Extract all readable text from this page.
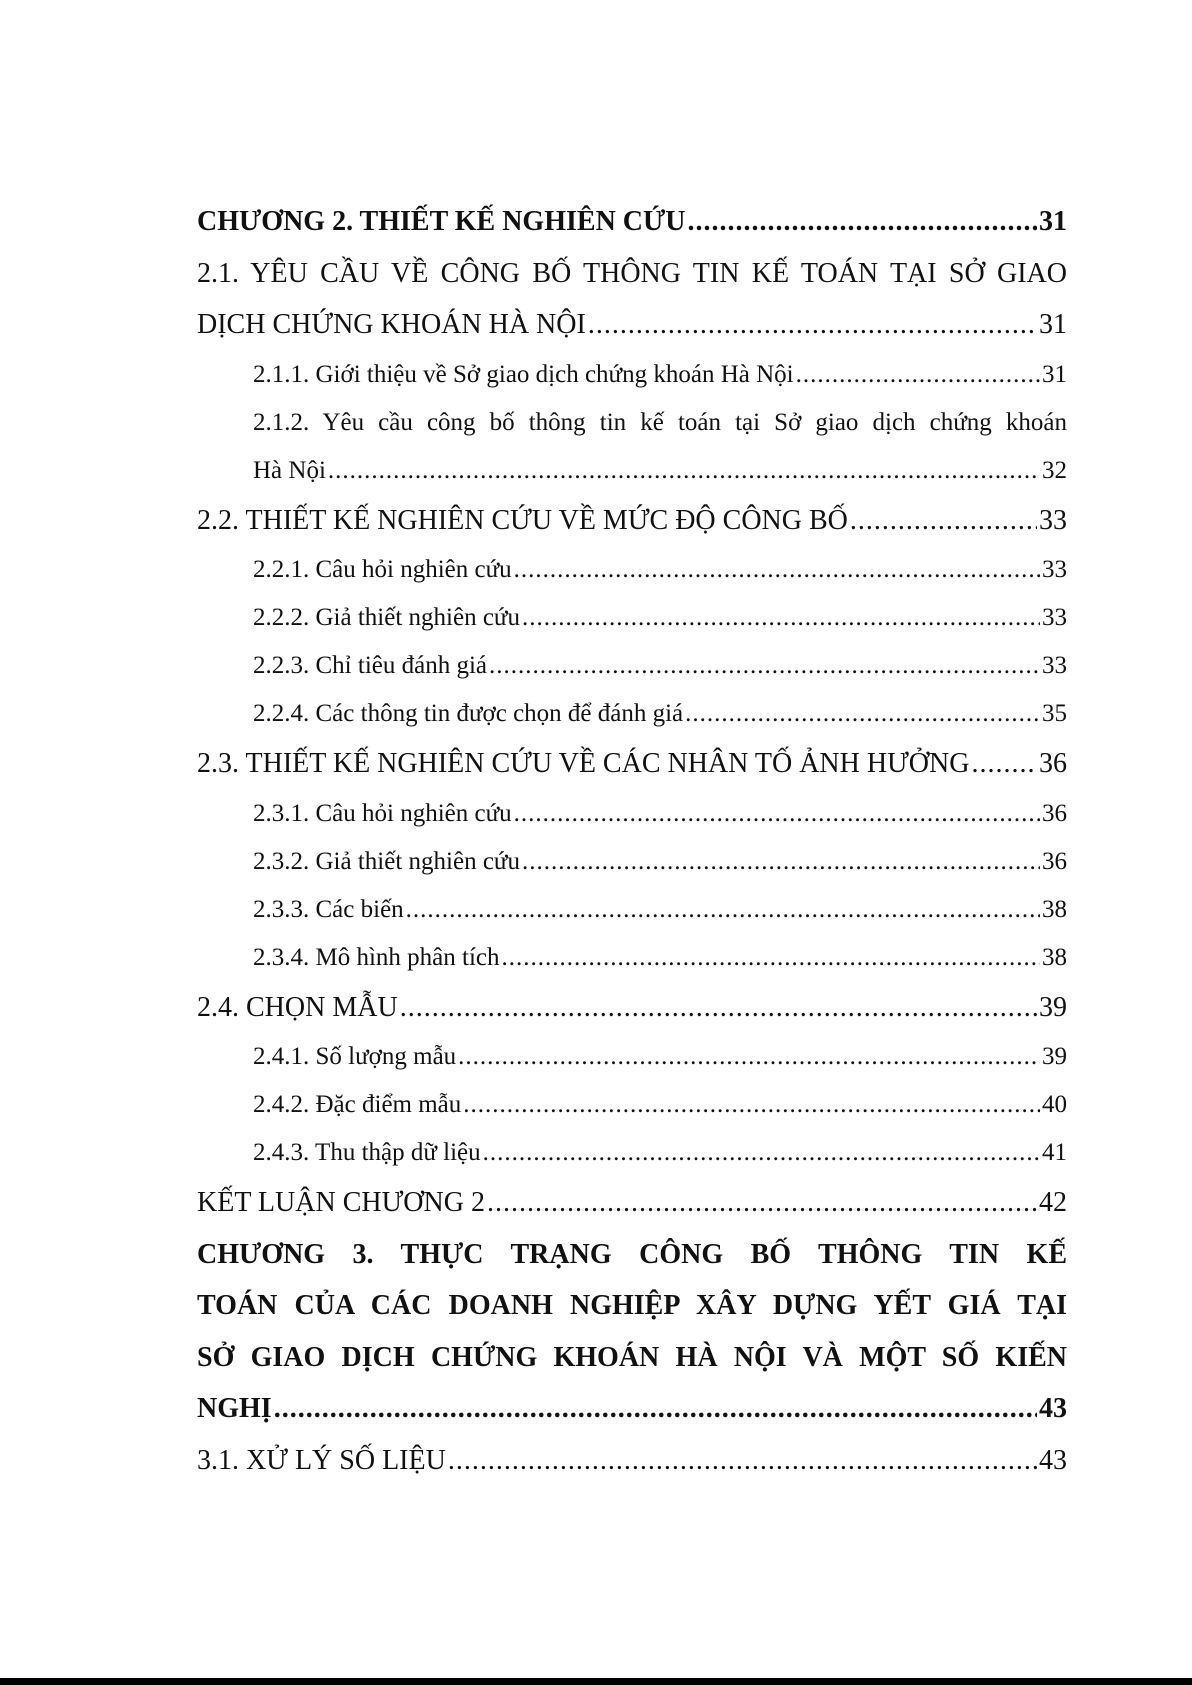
CHƯƠNG 2. THIẾT KẾ NGHIÊN CỨU .....	31
2.1. YÊU CẦU VỀ CÔNG BỐ THÔNG TIN KẾ TOÁN TẠI SỞ GIAO
DỊCH CHỨNG KHOÁN HÀ NỘI .....	31
2.1.1. Giới thiệu về Sở giao dịch chứng khoán Hà Nội .....	31
2.1.2. Yêu cầu công bố thông tin kế toán tại Sở giao dịch chứng khoán
Hà Nội .....	32
2.2. THIẾT KẾ NGHIÊN CỨU VỀ MỨC ĐỘ CÔNG BỐ .....	33
2.2.1. Câu hỏi nghiên cứu .....	33
2.2.2. Giả thiết nghiên cứu .....	33
2.2.3. Chỉ tiêu đánh giá .....	33
2.2.4. Các thông tin được chọn để đánh giá .....	35
2.3. THIẾT KẾ NGHIÊN CỨU VỀ CÁC NHÂN TỐ ẢNH HƯỞNG ..... 36
2.3.1. Câu hỏi nghiên cứu .....	36
2.3.2. Giả thiết nghiên cứu .....	36
2.3.3. Các biến .....	38
2.3.4. Mô hình phân tích .....	38
2.4. CHỌN MẪU .....	39
2.4.1. Số lượng mẫu .....	39
2.4.2. Đặc điểm mẫu .....	40
2.4.3. Thu thập dữ liệu .....	41
KẾT LUẬN CHƯƠNG 2 .....	42
CHƯƠNG 3. THỰC TRẠNG CÔNG BỐ THÔNG TIN KẾ
TOÁN CỦA CÁC DOANH NGHIỆP XÂY DỰNG YẾT GIÁ TẠI
SỞ GIAO DỊCH CHỨNG KHOÁN HÀ NỘI VÀ MỘT SỐ KIẾN
NGHỊ .....	43
3.1. XỬ LÝ SỐ LIỆU .....	43
